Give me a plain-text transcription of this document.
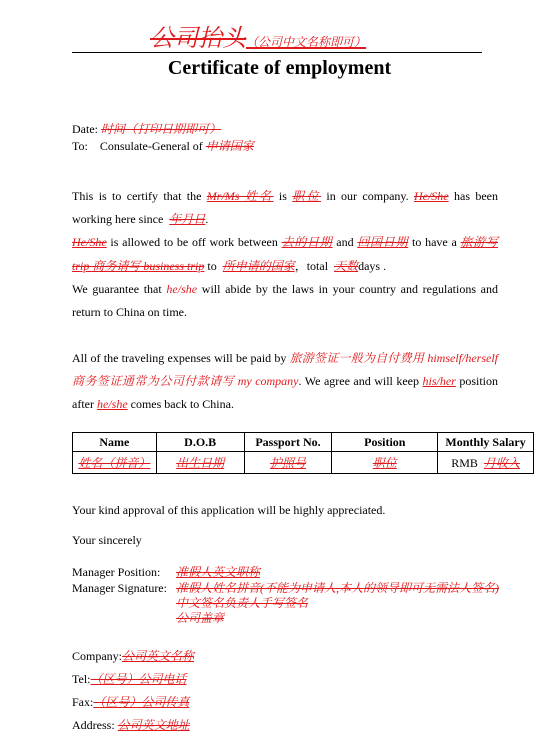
公司抬头（公司中文名称即可）
Certificate of employment
Date: 时间（打印日期即可）
To: Consulate-General of 申请国家
This is to certify that the Mr/Ms 姓名 is 职位 in our company. He/She has been
working here since 年月日.
He/She is allowed to be off work between 去的日期 and 回国日期 to have a 旅游写
trip 商务请写 business trip to 所申请的国家，total 天数days .
We guarantee that he/she will abide by the laws in your country and regulations and
return to China on time.
All of the traveling expenses will be paid by 旅游签证一般为自付费用 himself/herself
商务签证通常为公司付款请写 my company. We agree and will keep his/her position
after he/she comes back to China.
Name	D.O.B	Passport No.	Position	Monthly Salary
姓名（拼音）	出生日期	护照号	职位	RMB 月收入
Your kind approval of this application will be highly appreciated.
Your sincerely
Manager Position: 准假人英文职称
Manager Signature: 准假人姓名拼音(不能为申请人,本人的领导即可无需法人签名)
中文签名负责人手写签名
公司盖章
Company:公司英文名称
Tel:（区号）公司电话
Fax:（区号）公司传真
Address: 公司英文地址
